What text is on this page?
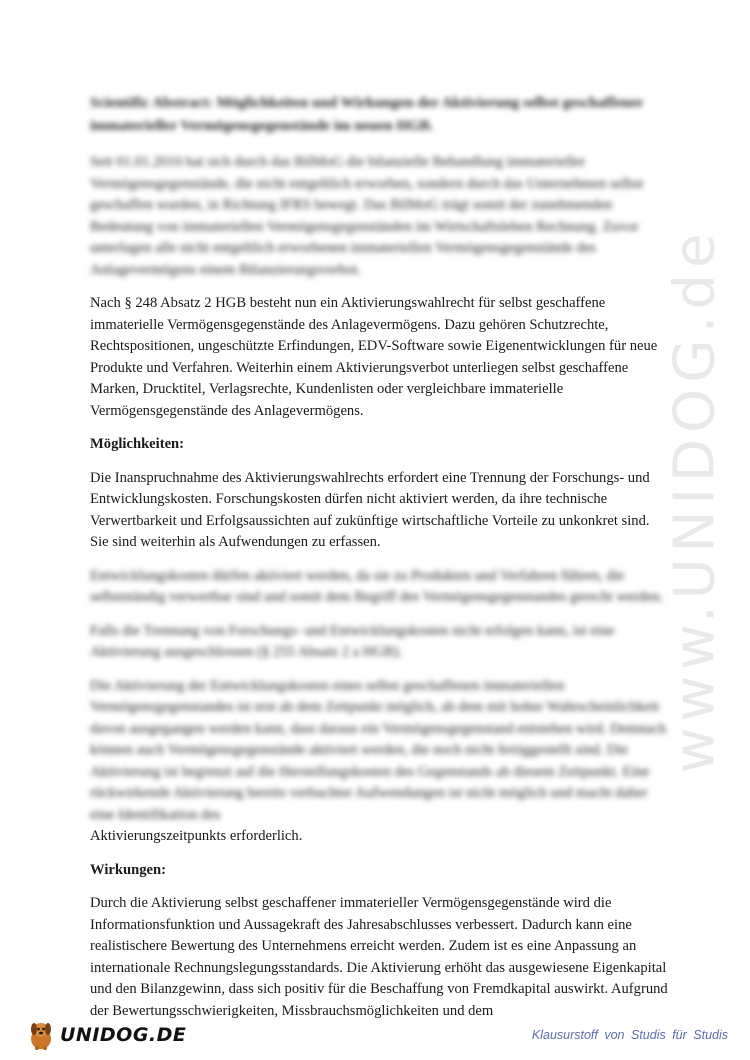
www.UNIDOG.de
Scientific Abstract: Möglichkeiten und Wirkungen der Aktivierung selbst geschaffener immaterieller Vermögensgegenstände im neuen HGB.

Seit 01.01.2010 hat sich durch das BilMoG die bilanzielle Behandlung immaterieller Vermögensgegenstände, die nicht entgeltlich erworben, sondern durch das Unternehmen selbst geschaffen wurden, in Richtung IFRS bewegt. Das BilMoG trägt somit der zunehmenden Bedeutung von immateriellen Vermögensgegenständen im Wirtschaftsleben Rechnung. Zuvor unterlagen alle nicht entgeltlich erworbenen immateriellen Vermögensgegenstände des Anlagevermögens einem Bilanzierungsverbot.

Nach § 248 Absatz 2 HGB besteht nun ein Aktivierungswahlrecht für selbst geschaffene immaterielle Vermögensgegenstände des Anlagevermögens. Dazu gehören Schutzrechte, Rechtspositionen, ungeschützte Erfindungen, EDV-Software sowie Eigenentwicklungen für neue Produkte und Verfahren. Weiterhin einem Aktivierungsverbot unterliegen selbst geschaffene Marken, Drucktitel, Verlagsrechte, Kundenlisten oder vergleichbare immaterielle Vermögensgegenstände des Anlagevermögens.

Möglichkeiten:

Die Inanspruchnahme des Aktivierungswahlrechts erfordert eine Trennung der Forschungs- und Entwicklungskosten. Forschungskosten dürfen nicht aktiviert werden, da ihre technische Verwertbarkeit und Erfolgsaussichten auf zukünftige wirtschaftliche Vorteile zu unkonkret sind. Sie sind weiterhin als Aufwendungen zu erfassen.

Entwicklungskosten dürfen aktiviert werden, da sie zu Produkten und Verfahren führen, die selbstständig verwertbar sind und somit dem Begriff des Vermögensgegenstandes gerecht werden.

Falls die Trennung von Forschungs- und Entwicklungskosten nicht erfolgen kann, ist eine Aktivierung ausgeschlossen (§ 255 Absatz 2 a HGB).

Die Aktivierung der Entwicklungskosten eines selbst geschaffenen immateriellen Vermögensgegenstandes ist erst ab dem Zeitpunkt möglich, ab dem mit hoher Wahrscheinlichkeit davon ausgegangen werden kann, dass daraus ein Vermögensgegenstand entstehen wird. Demnach können auch Vermögensgegenstände aktiviert werden, die noch nicht fertiggestellt sind. Die Aktivierung ist begrenzt auf die Herstellungskosten des Gegenstands ab diesem Zeitpunkt. Eine rückwirkende Aktivierung bereits verbuchter Aufwendungen ist nicht möglich und macht daher eine Identifikation des

Aktivierungszeitpunkts erforderlich.

Wirkungen:

Durch die Aktivierung selbst geschaffener immaterieller Vermögensgegenstände wird die Informationsfunktion und Aussagekraft des Jahresabschlusses verbessert. Dadurch kann eine realistischere Bewertung des Unternehmens erreicht werden. Zudem ist es eine Anpassung an internationale Rechnungslegungsstandards. Die Aktivierung erhöht das ausgewiesene Eigenkapital und den Bilanzgewinn, dass sich positiv für die Beschaffung von Fremdkapital auswirkt. Aufgrund der Bewertungsschwierigkeiten, Missbrauchsmöglichkeiten und dem

UNIDOG.DE	Klausurstoff von Studis für Studis
